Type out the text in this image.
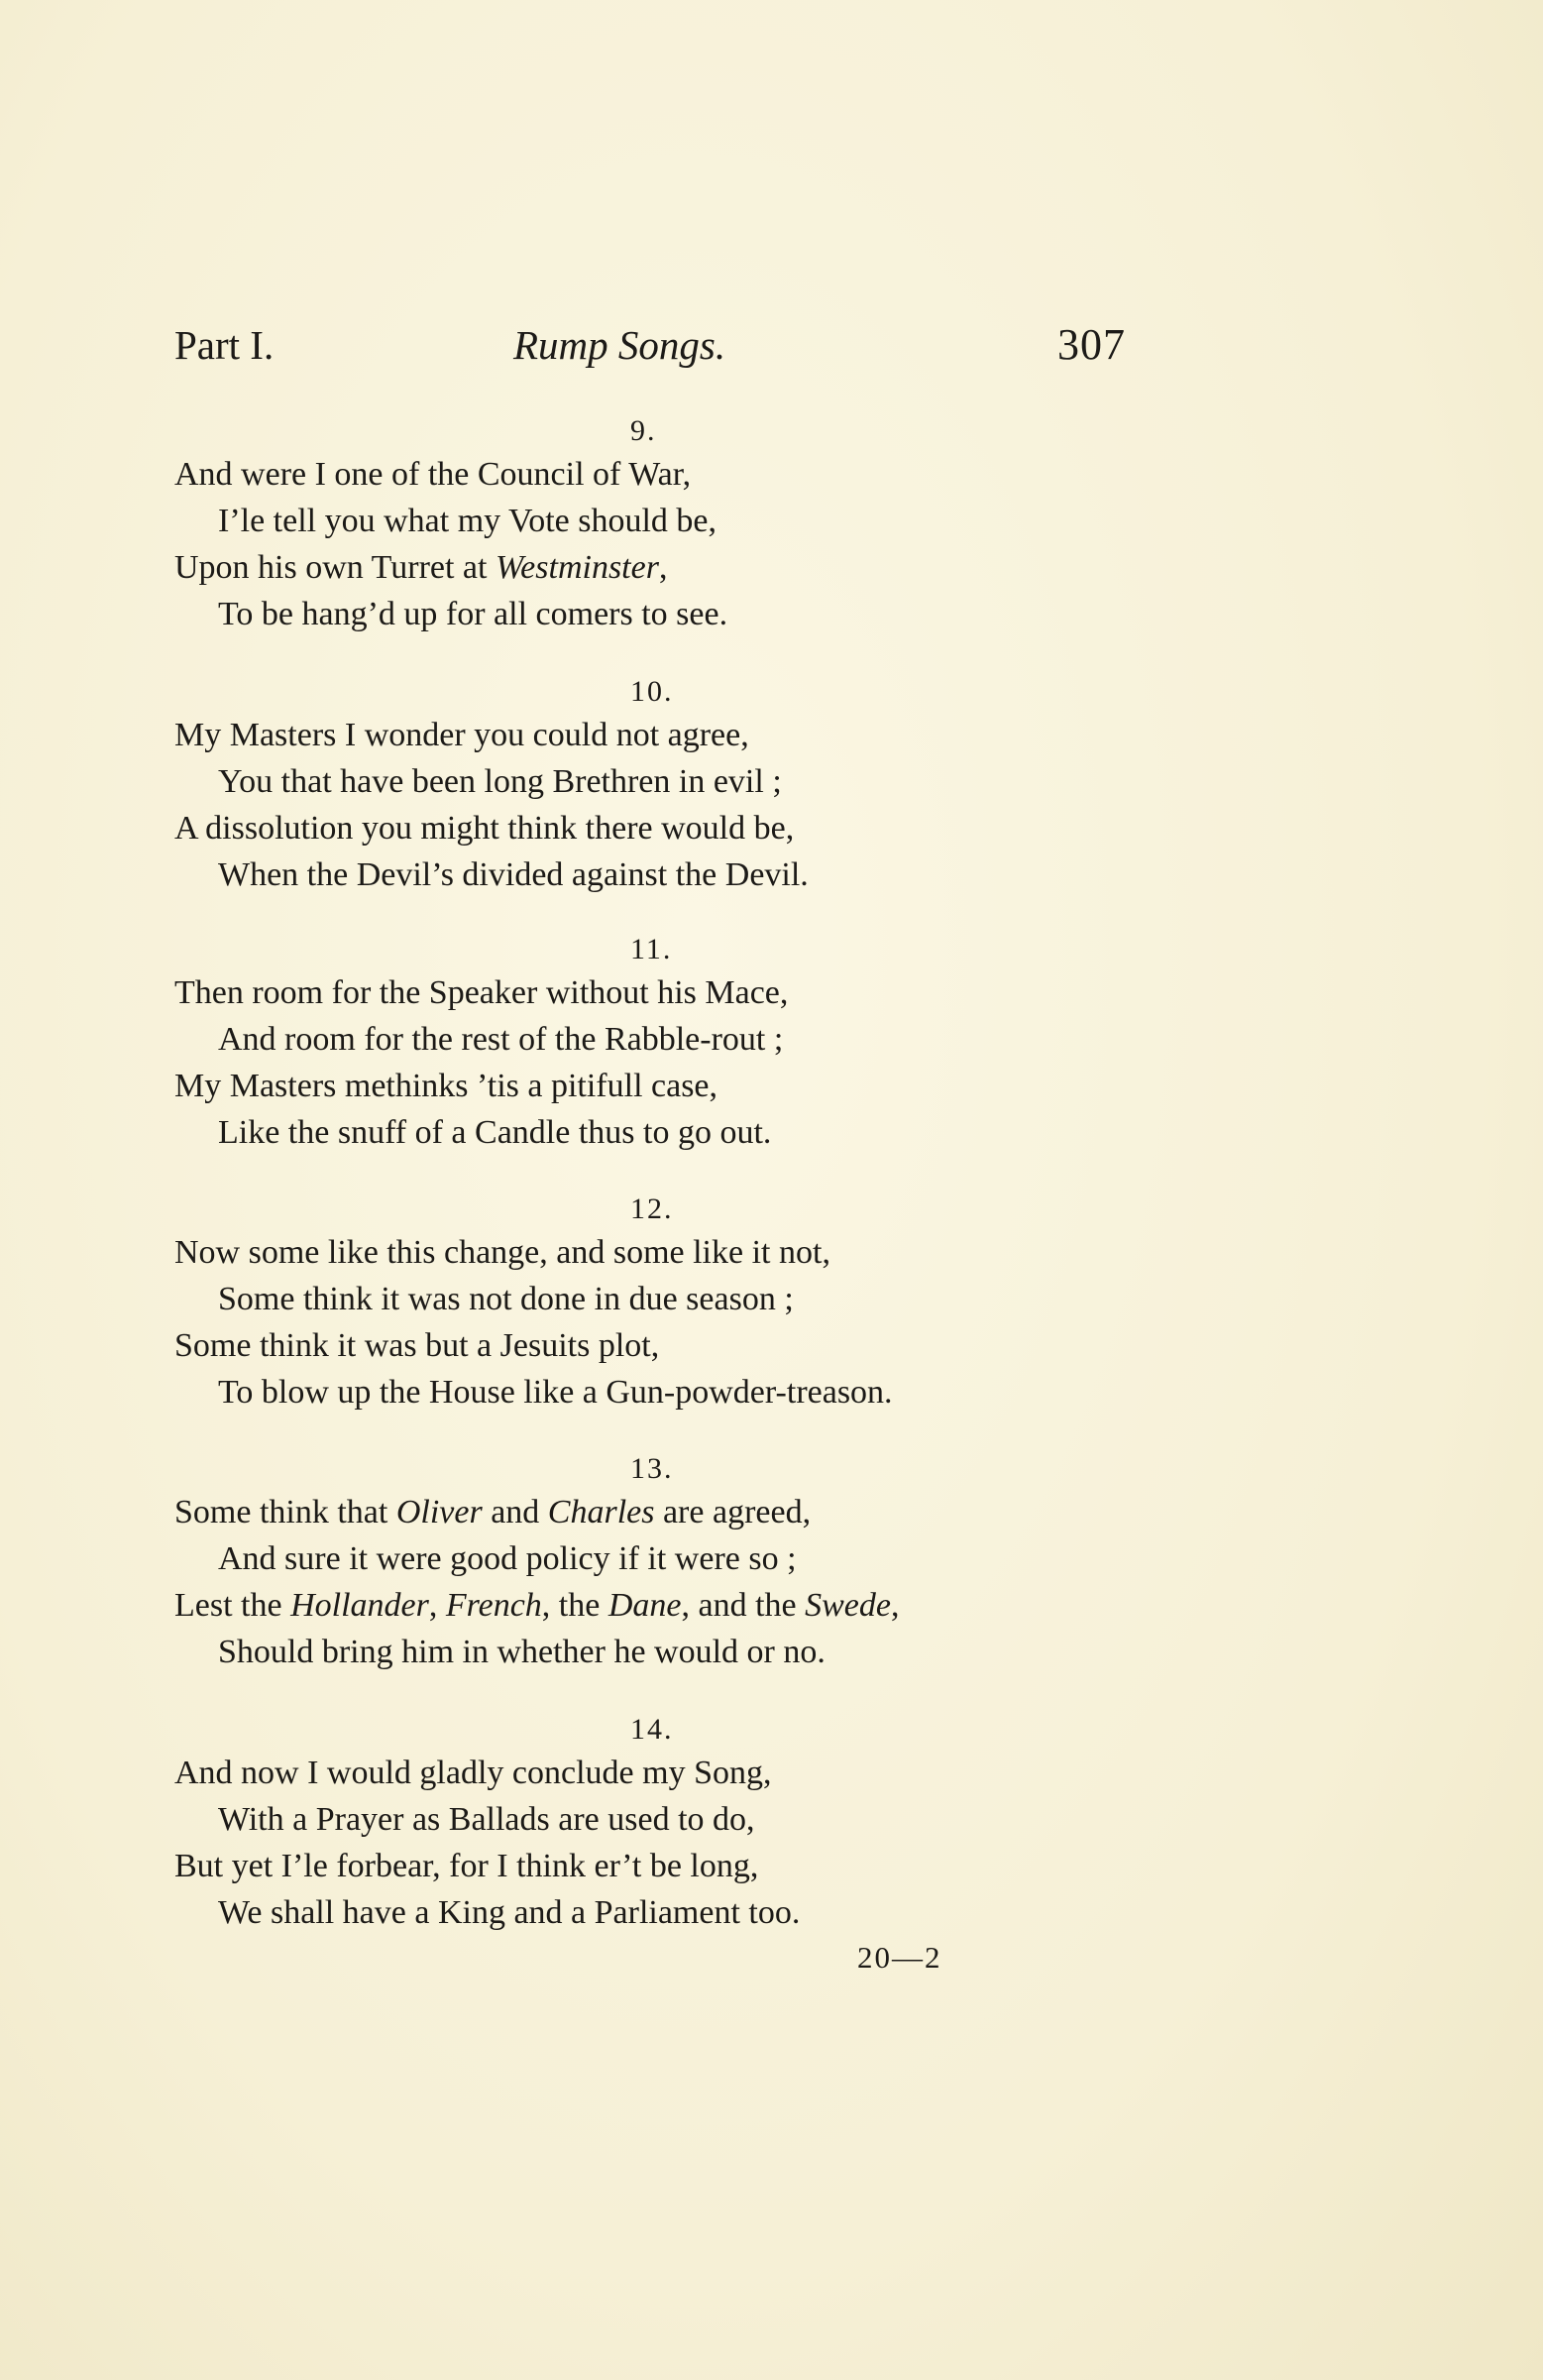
Part I.	Rump Songs.	307
9.
And were I one of the Council of War,
I’le tell you what my Vote should be,
Upon his own Turret at Westminster,
To be hang’d up for all comers to see.
10.
My Masters I wonder you could not agree,
You that have been long Brethren in evil ;
A dissolution you might think there would be,
When the Devil’s divided against the Devil.
11.
Then room for the Speaker without his Mace,
And room for the rest of the Rabble-rout ;
My Masters methinks ’tis a pitifull case,
Like the snuff of a Candle thus to go out.
12.
Now some like this change, and some like it not,
Some think it was not done in due season ;
Some think it was but a Jesuits plot,
To blow up the House like a Gun-powder-treason.
13.
Some think that Oliver and Charles are agreed,
And sure it were good policy if it were so ;
Lest the Hollander, French, the Dane, and the Swede,
Should bring him in whether he would or no.
14.
And now I would gladly conclude my Song,
With a Prayer as Ballads are used to do,
But yet I’le forbear, for I think er’t be long,
We shall have a King and a Parliament too.
20—2
